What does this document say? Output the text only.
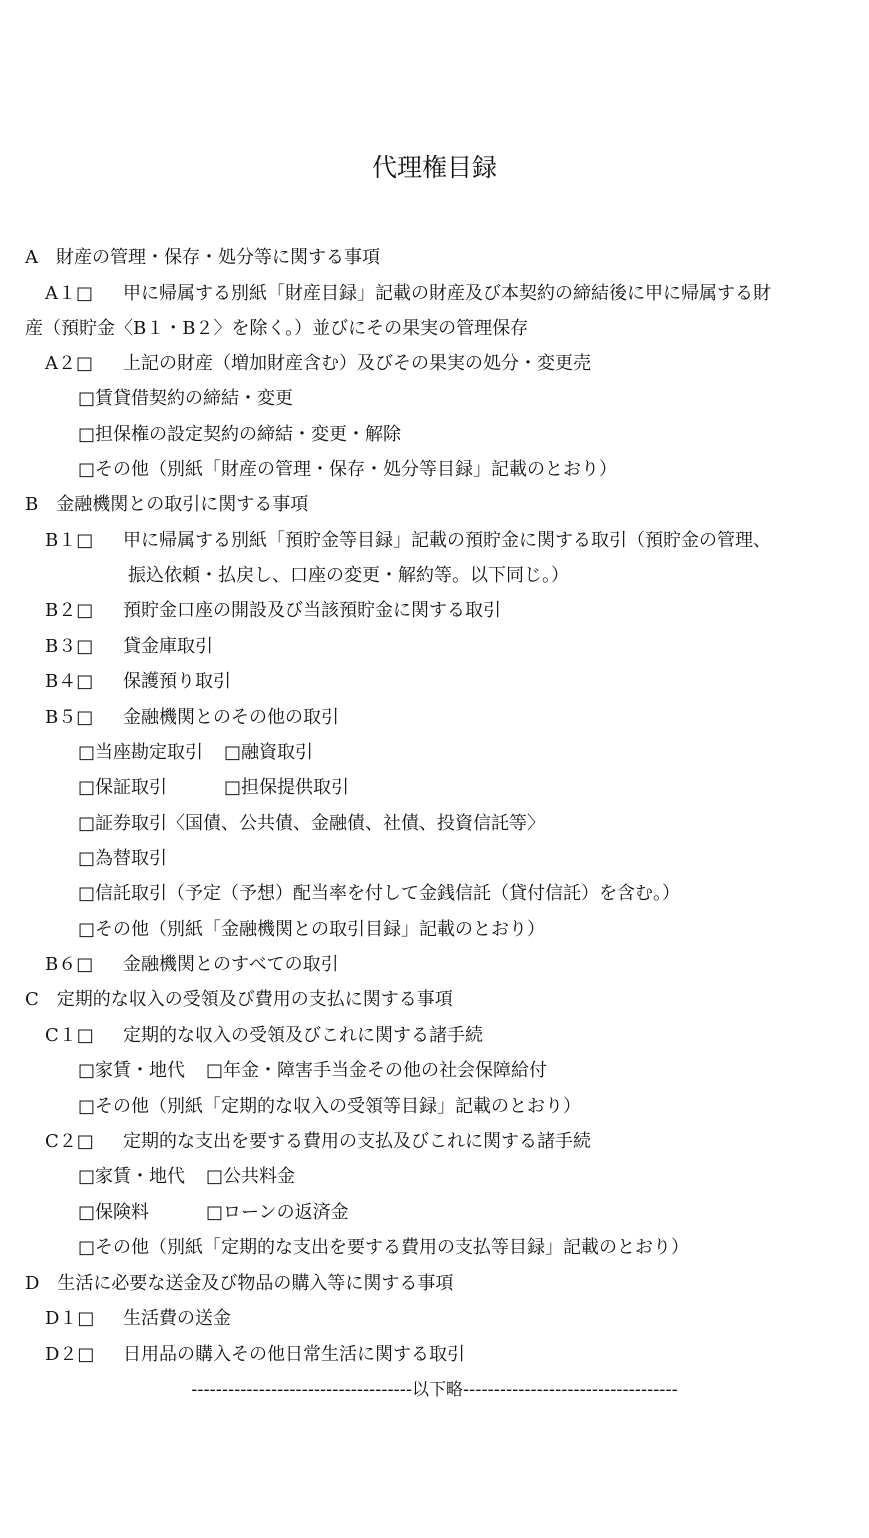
代理権目録
A　財産の管理・保存・処分等に関する事項
A１□ 甲に帰属する別紙「財産目録」記載の財産及び本契約の締結後に甲に帰属する財
産（預貯金〈B１・B２〉を除く。）並びにその果実の管理保存
A２□ 上記の財産（増加財産含む）及びその果実の処分・変更売
□賃貸借契約の締結・変更
□担保権の設定契約の締結・変更・解除
□その他（別紙「財産の管理・保存・処分等目録」記載のとおり）
B　金融機関との取引に関する事項
B１□ 甲に帰属する別紙「預貯金等目録」記載の預貯金に関する取引（預貯金の管理、
振込依頼・払戻し、口座の変更・解約等。以下同じ。）
B２□ 預貯金口座の開設及び当該預貯金に関する取引
B３□ 貸金庫取引
B４□ 保護預り取引
B５□ 金融機関とのその他の取引
□当座勘定取引 □融資取引
□保証取引	□担保提供取引
□証券取引〈国債、公共債、金融債、社債、投資信託等〉
□為替取引
□信託取引（予定（予想）配当率を付して金銭信託（貸付信託）を含む。）
□その他（別紙「金融機関との取引目録」記載のとおり）
B６□ 金融機関とのすべての取引
C　定期的な収入の受領及び費用の支払に関する事項
C１□ 定期的な収入の受領及びこれに関する諸手続
□家賃・地代 □年金・障害手当金その他の社会保障給付
□その他（別紙「定期的な収入の受領等目録」記載のとおり）
C２□ 定期的な支出を要する費用の支払及びこれに関する諸手続
□家賃・地代 □公共料金
□保険料	□ローンの返済金
□その他（別紙「定期的な支出を要する費用の支払等目録」記載のとおり）
D　生活に必要な送金及び物品の購入等に関する事項
D１□ 生活費の送金
D２□ 日用品の購入その他日常生活に関する取引
------------------------------------以下略-----------------------------------
